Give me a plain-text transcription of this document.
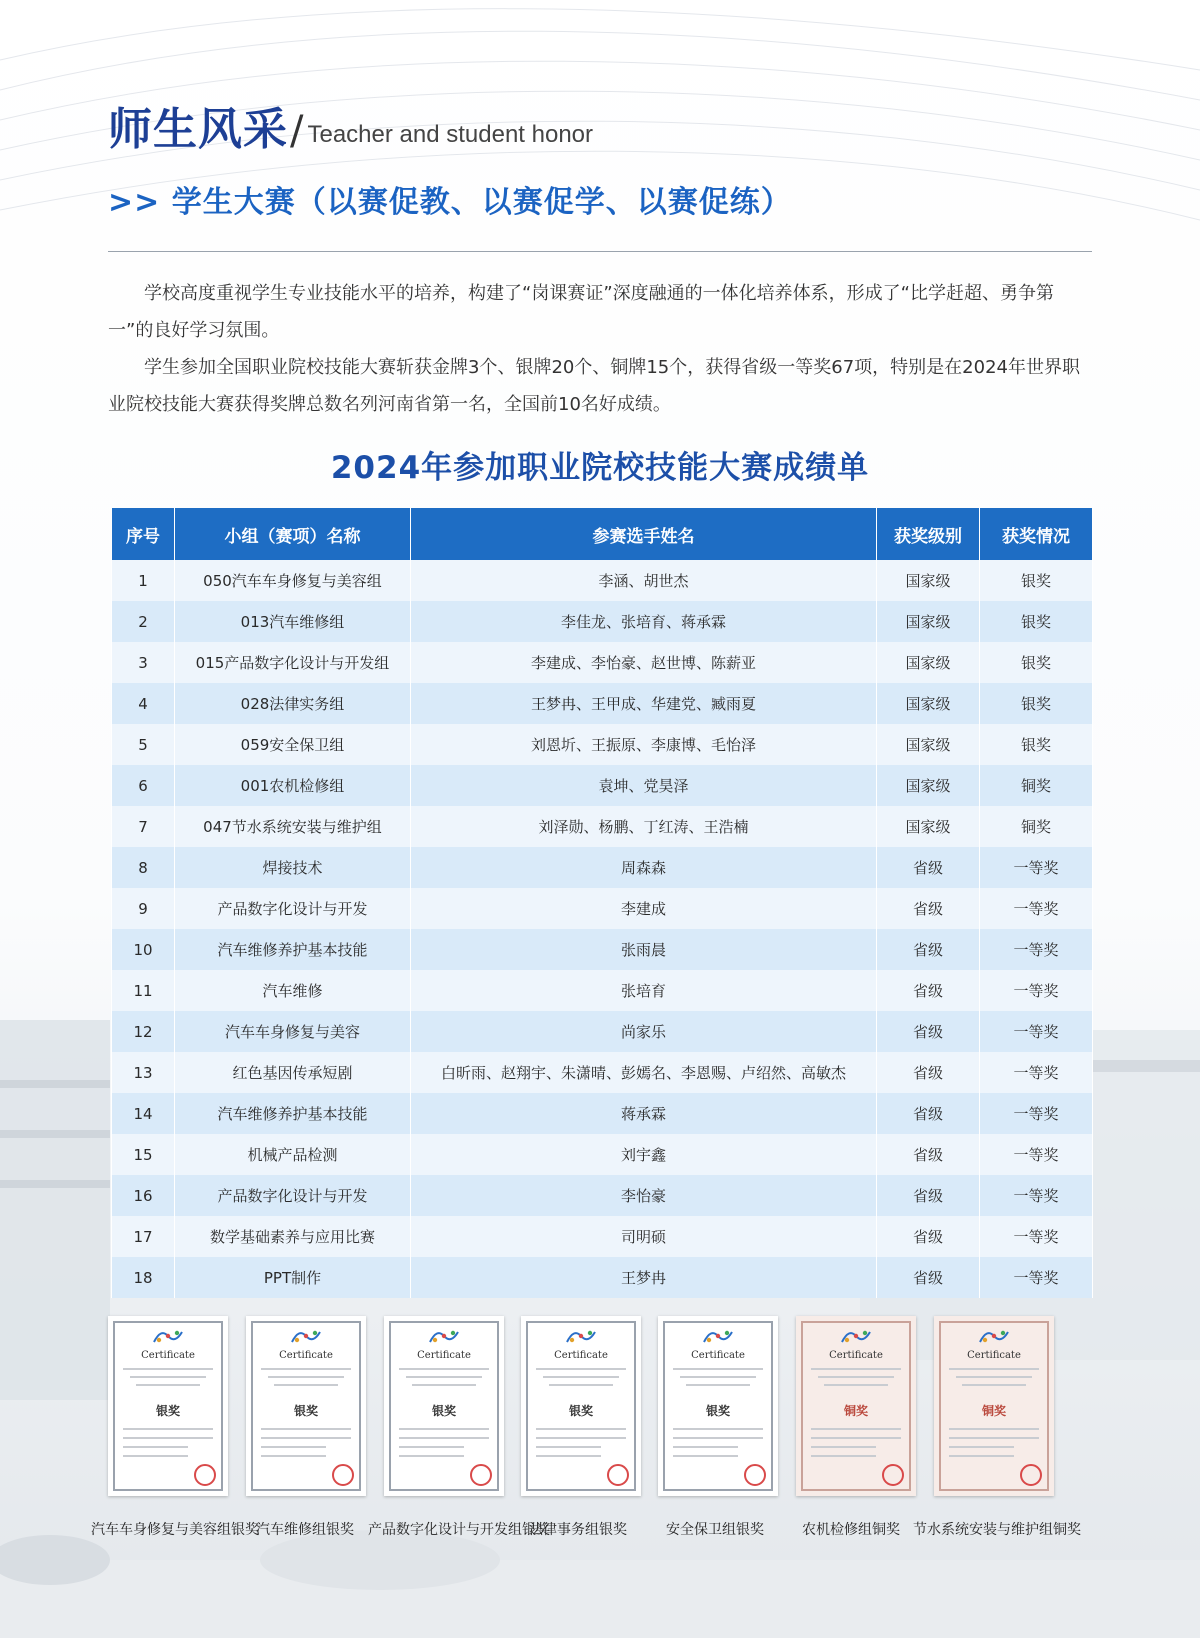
师生风采 / Teacher and student honor
>> 学生大赛（以赛促教、以赛促学、以赛促练）

学校高度重视学生专业技能水平的培养，构建了“岗课赛证”深度融通的一体化培养体系，形成了“比学赶超、勇争第一”的良好学习氛围。

学生参加全国职业院校技能大赛斩获金牌3个、银牌20个、铜牌15个，获得省级一等奖67项，特别是在2024年世界职业院校技能大赛获得奖牌总数名列河南省第一名，全国前10名好成绩。

2024年参加职业院校技能大赛成绩单
序号	小组（赛项）名称	参赛选手姓名	获奖级别	获奖情况
1	050汽车车身修复与美容组	李涵、胡世杰	国家级	银奖
2	013汽车维修组	李佳龙、张培育、蒋承霖	国家级	银奖
3	015产品数字化设计与开发组	李建成、李怡豪、赵世博、陈薪亚	国家级	银奖
4	028法律实务组	王梦冉、王甲成、华建党、臧雨夏	国家级	银奖
5	059安全保卫组	刘恩圻、王振原、李康博、毛怡泽	国家级	银奖
6	001农机检修组	袁坤、党昊泽	国家级	铜奖
7	047节水系统安装与维护组	刘泽勋、杨鹏、丁红涛、王浩楠	国家级	铜奖
8	焊接技术	周森森	省级	一等奖
9	产品数字化设计与开发	李建成	省级	一等奖
10	汽车维修养护基本技能	张雨晨	省级	一等奖
11	汽车维修	张培育	省级	一等奖
12	汽车车身修复与美容	尚家乐	省级	一等奖
13	红色基因传承短剧	白昕雨、赵翔宇、朱潇晴、彭嫣名、李恩赐、卢绍然、高敏杰	省级	一等奖
14	汽车维修养护基本技能	蒋承霖	省级	一等奖
15	机械产品检测	刘宇鑫	省级	一等奖
16	产品数字化设计与开发	李怡豪	省级	一等奖
17	数学基础素养与应用比赛	司明硕	省级	一等奖
18	PPT制作	王梦冉	省级	一等奖
Certificate
银奖
Certificate
银奖
Certificate
银奖
Certificate
银奖
Certificate
银奖
Certificate
铜奖
Certificate
铜奖
汽车车身修复与美容组银奖
汽车维修组银奖	产品数字化设计与开发组银奖
法律事务组银奖	安全保卫组银奖	农机检修组铜奖 节水系统安装与维护组铜奖
